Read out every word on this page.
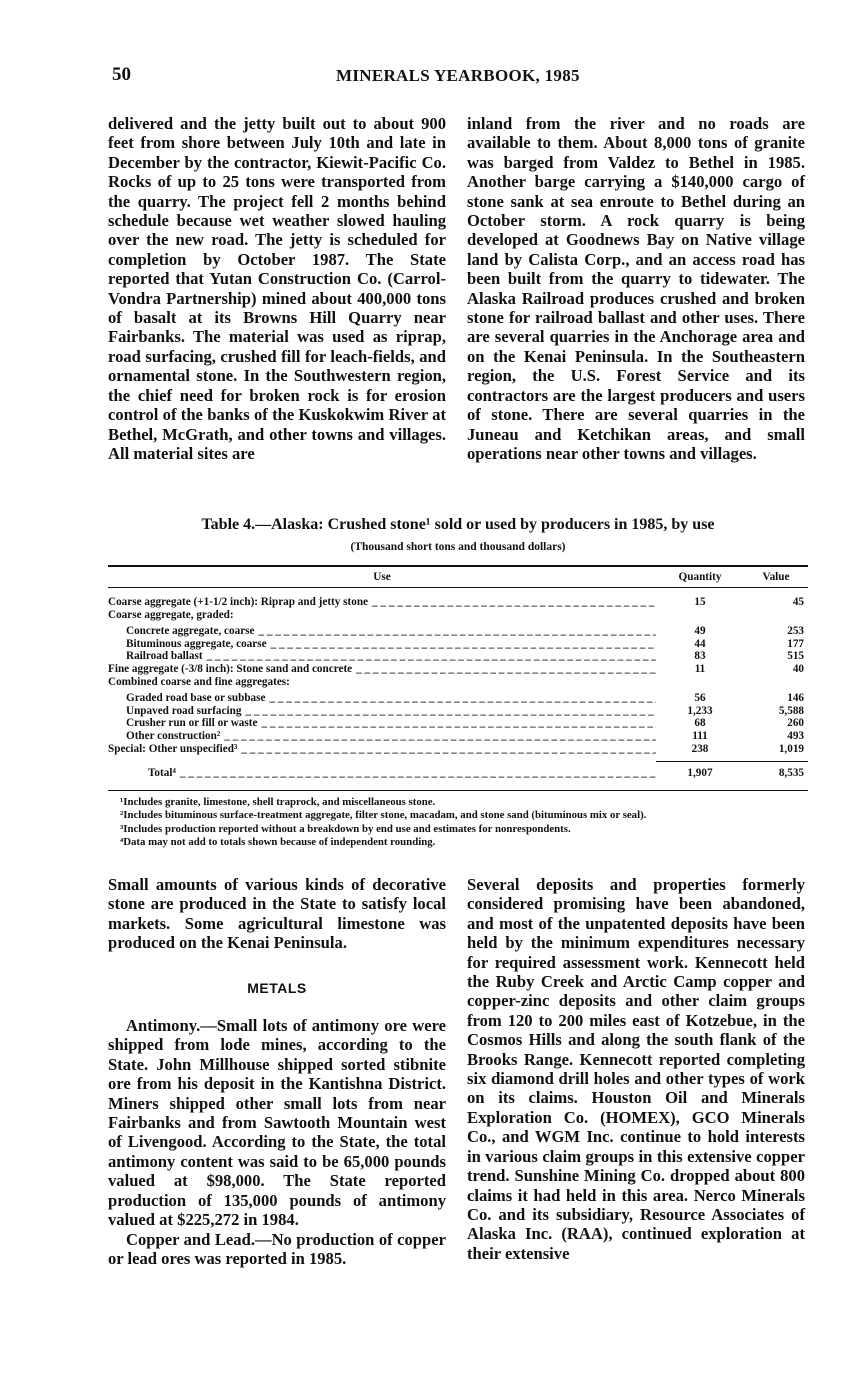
50	MINERALS YEARBOOK, 1985

delivered and the jetty built out to about 900 feet from shore between July 10th and late in December by the contractor, Kiewit-Pacific Co. Rocks of up to 25 tons were transported from the quarry. The project fell 2 months behind schedule because wet weather slowed hauling over the new road. The jetty is scheduled for completion by October 1987. The State reported that Yutan Construction Co. (Carrol-Vondra Partnership) mined about 400,000 tons of basalt at its Browns Hill Quarry near Fairbanks. The material was used as riprap, road surfacing, crushed fill for leach-fields, and ornamental stone. In the Southwestern region, the chief need for broken rock is for erosion control of the banks of the Kuskokwim River at Bethel, McGrath, and other towns and villages. All material sites are

inland from the river and no roads are available to them. About 8,000 tons of granite was barged from Valdez to Bethel in 1985. Another barge carrying a $140,000 cargo of stone sank at sea enroute to Bethel during an October storm. A rock quarry is being developed at Goodnews Bay on Native village land by Calista Corp., and an access road has been built from the quarry to tidewater. The Alaska Railroad produces crushed and broken stone for railroad ballast and other uses. There are several quarries in the Anchorage area and on the Kenai Peninsula. In the Southeastern region, the U.S. Forest Service and its contractors are the largest producers and users of stone. There are several quarries in the Juneau and Ketchikan areas, and small operations near other towns and villages.

Table 4.—Alaska: Crushed stone¹ sold or used by producers in 1985, by use
(Thousand short tons and thousand dollars)
Use	Quantity	Value
Coarse aggregate (+1-1/2 inch): Riprap and jetty stone _ _ _	15	45
Coarse aggregate, graded:
Concrete aggregate, coarse _ _ _	49	253
Bituminous aggregate, coarse _ _ _	44	177
Railroad ballast _ _ _	83	515
Fine aggregate (-3/8 inch): Stone sand and concrete _ _ _	11	40
Combined coarse and fine aggregates:
Graded road base or subbase _ _ _	56	146
Unpaved road surfacing _ _ _	1,233	5,588
Crusher run or fill or waste _ _ _	68	260
Other construction² _ _ _	111	493
Special: Other unspecified³ _ _ _	238	1,019
Total⁴ _ _ _	1,907	8,535
¹Includes granite, limestone, shell traprock, and miscellaneous stone.
²Includes bituminous surface-treatment aggregate, filter stone, macadam, and stone sand (bituminous mix or seal).
³Includes production reported without a breakdown by end use and estimates for nonrespondents.
⁴Data may not add to totals shown because of independent rounding.

Small amounts of various kinds of decorative stone are produced in the State to satisfy local markets. Some agricultural limestone was produced on the Kenai Peninsula.

METALS

Antimony.—Small lots of antimony ore were shipped from lode mines, according to the State. John Millhouse shipped sorted stibnite ore from his deposit in the Kantishna District. Miners shipped other small lots from near Fairbanks and from Sawtooth Mountain west of Livengood. According to the State, the total antimony content was said to be 65,000 pounds valued at $98,000. The State reported production of 135,000 pounds of antimony valued at $225,272 in 1984.

Copper and Lead.—No production of copper or lead ores was reported in 1985.

Several deposits and properties formerly considered promising have been abandoned, and most of the unpatented deposits have been held by the minimum expenditures necessary for required assessment work. Kennecott held the Ruby Creek and Arctic Camp copper and copper-zinc deposits and other claim groups from 120 to 200 miles east of Kotzebue, in the Cosmos Hills and along the south flank of the Brooks Range. Kennecott reported completing six diamond drill holes and other types of work on its claims. Houston Oil and Minerals Exploration Co. (HOMEX), GCO Minerals Co., and WGM Inc. continue to hold interests in various claim groups in this extensive copper trend. Sunshine Mining Co. dropped about 800 claims it had held in this area. Nerco Minerals Co. and its subsidiary, Resource Associates of Alaska Inc. (RAA), continued exploration at their extensive
